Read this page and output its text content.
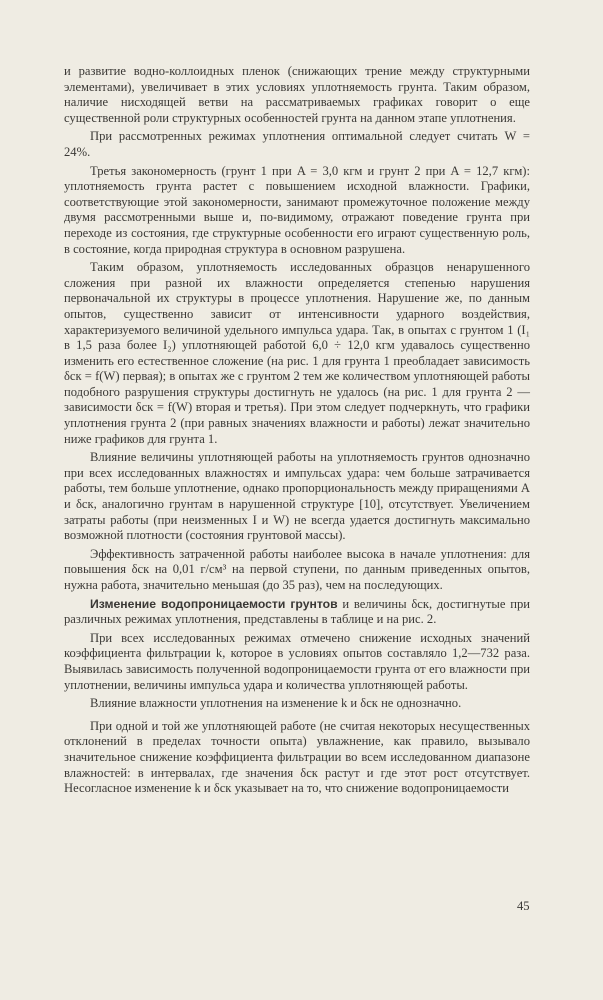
и развитие водно-коллоидных пленок (снижающих трение между структурными элементами), увеличивает в этих условиях уплотняемость грунта. Таким образом, наличие нисходящей ветви на рассматриваемых графиках говорит о еще существенной роли структурных особенностей грунта на данном этапе уплотнения.

При рассмотренных режимах уплотнения оптимальной следует считать W = 24%.

Третья закономерность (грунт 1 при A = 3,0 кгм и грунт 2 при A = 12,7 кгм): уплотняемость грунта растет с повышением исходной влажности. Графики, соответствующие этой закономерности, занимают промежуточное положение между двумя рассмотренными выше и, по-видимому, отражают поведение грунта при переходе из состояния, где структурные особенности его играют существенную роль, в состояние, когда природная структура в основном разрушена.

Таким образом, уплотняемость исследованных образцов ненарушенного сложения при разной их влажности определяется степенью нарушения первоначальной их структуры в процессе уплотнения. Нарушение же, по данным опытов, существенно зависит от интенсивности ударного воздействия, характеризуемого величиной удельного импульса удара. Так, в опытах с грунтом 1 (I₁ в 1,5 раза более I₂) уплотняющей работой 6,0 ÷ 12,0 кгм удавалось существенно изменить его естественное сложение (на рис. 1 для грунта 1 преобладает зависимость δск = f(W) первая); в опытах же с грунтом 2 тем же количеством уплотняющей работы подобного разрушения структуры достигнуть не удалось (на рис. 1 для грунта 2 — зависимости δск = f(W) вторая и третья). При этом следует подчеркнуть, что графики уплотнения грунта 2 (при равных значениях влажности и работы) лежат значительно ниже графиков для грунта 1.

Влияние величины уплотняющей работы на уплотняемость грунтов однозначно при всех исследованных влажностях и импульсах удара: чем больше затрачивается работы, тем больше уплотнение, однако пропорциональность между приращениями A и δск, аналогично грунтам в нарушенной структуре [10], отсутствует. Увеличением затраты работы (при неизменных I и W) не всегда удается достигнуть максимально возможной плотности (состояния грунтовой массы).

Эффективность затраченной работы наиболее высока в начале уплотнения: для повышения δск на 0,01 г/см³ на первой ступени, по данным приведенных опытов, нужна работа, значительно меньшая (до 35 раз), чем на последующих.

Изменение водопроницаемости грунтов и величины δск, достигнутые при различных режимах уплотнения, представлены в таблице и на рис. 2.

При всех исследованных режимах отмечено снижение исходных значений коэффициента фильтрации k, которое в условиях опытов составляло 1,2—732 раза. Выявилась зависимость полученной водопроницаемости грунта от его влажности при уплотнении, величины импульса удара и количества уплотняющей работы.

Влияние влажности уплотнения на изменение k и δск не однозначно.

При одной и той же уплотняющей работе (не считая некоторых несущественных отклонений в пределах точности опыта) увлажнение, как правило, вызывало значительное снижение коэффициента фильтрации во всем исследованном диапазоне влажностей: в интервалах, где значения δск растут и где этот рост отсутствует. Несогласное изменение k и δск указывает на то, что снижение водопроницаемости

45
